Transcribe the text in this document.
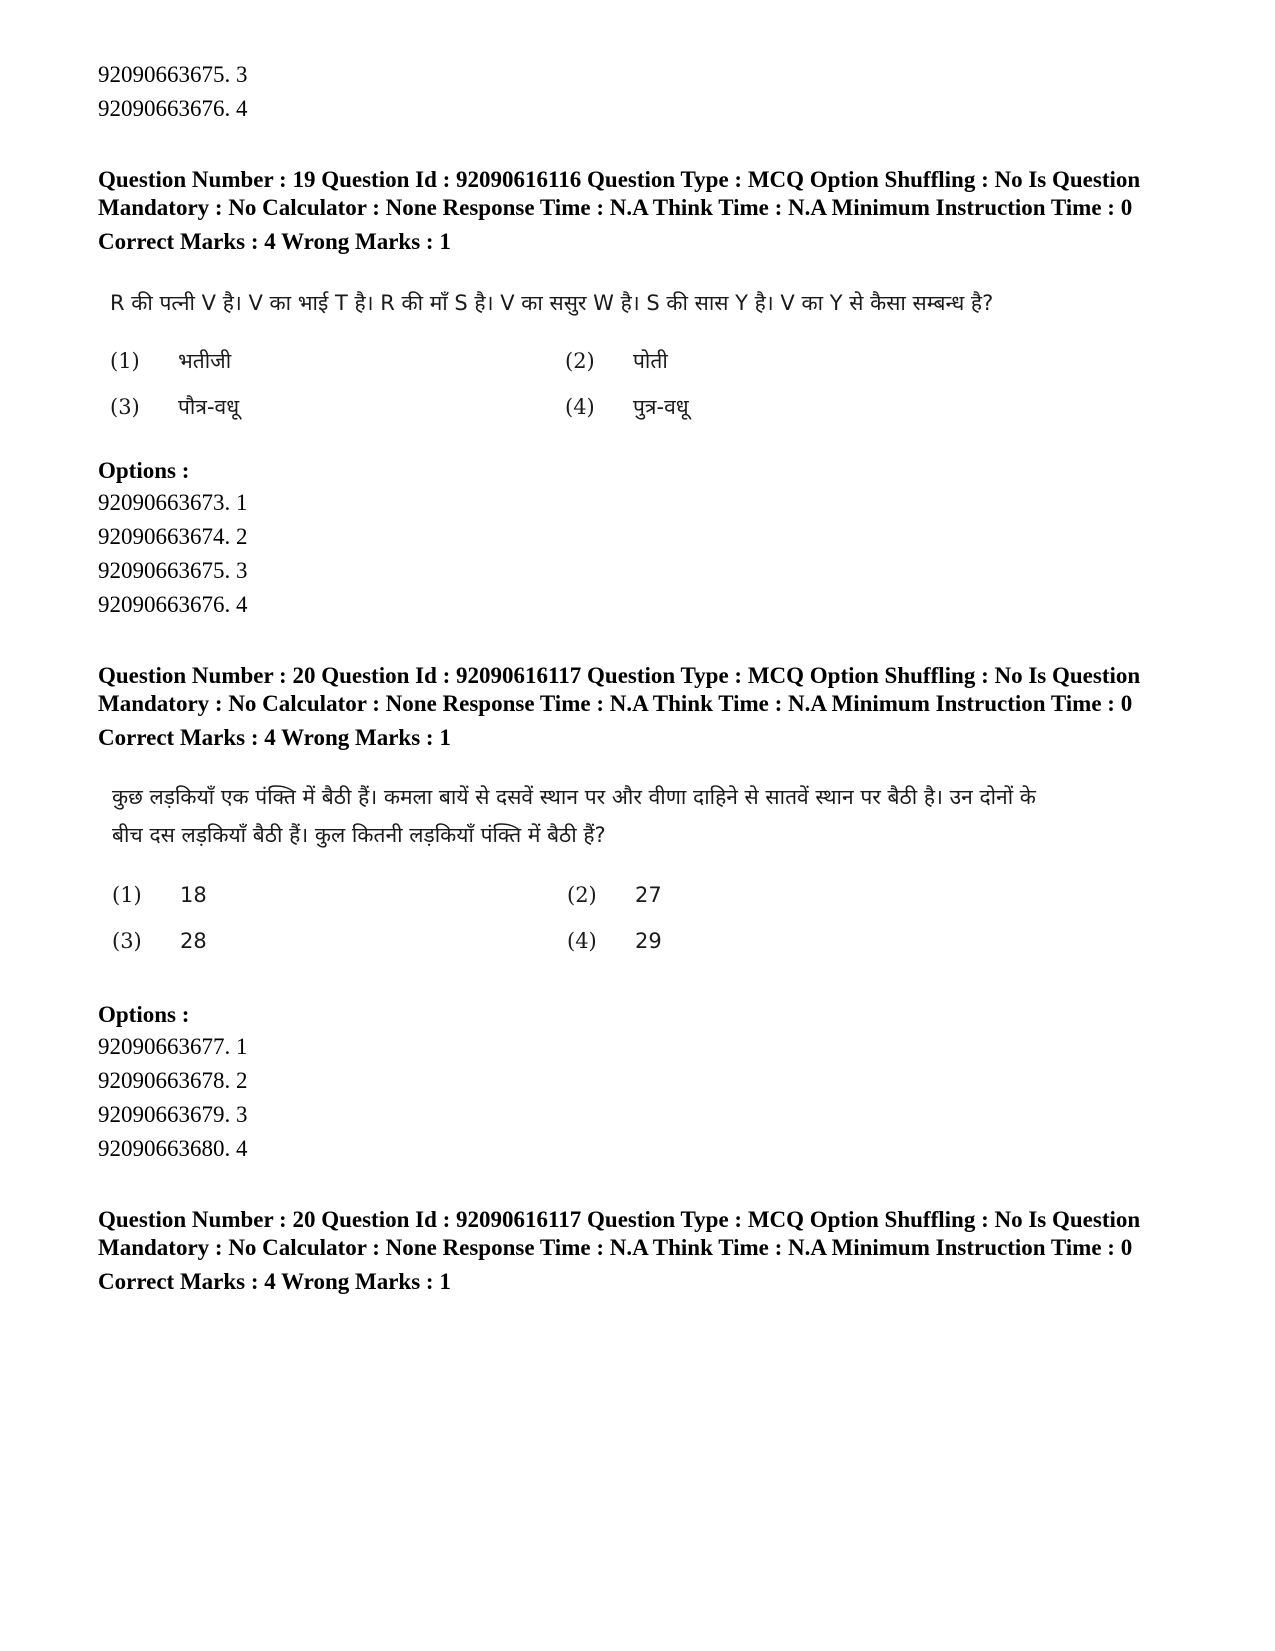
92090663675. 3

92090663676. 4

Question Number : 19 Question Id : 92090616116 Question Type : MCQ Option Shuffling : No Is Question Mandatory : No Calculator : None Response Time : N.A Think Time : N.A Minimum Instruction Time : 0

Correct Marks : 4 Wrong Marks : 1

R की पत्नी V है। V का भाई T है। R की माँ S है। V का ससुर W है। S की सास Y है। V का Y से कैसा सम्बन्ध है?

(1)	भतीजी	(2)	पोती
(3)	पौत्र-वधू	(4)	पुत्र-वधू

Options :

92090663673. 1

92090663674. 2

92090663675. 3

92090663676. 4

Question Number : 20 Question Id : 92090616117 Question Type : MCQ Option Shuffling : No Is Question Mandatory : No Calculator : None Response Time : N.A Think Time : N.A Minimum Instruction Time : 0

Correct Marks : 4 Wrong Marks : 1

कुछ लड़कियाँ एक पंक्ति में बैठी हैं। कमला बायें से दसवें स्थान पर और वीणा दाहिने से सातवें स्थान पर बैठी है। उन दोनों के बीच दस लड़कियाँ बैठी हैं। कुल कितनी लड़कियाँ पंक्ति में बैठी हैं?

(1)	18	(2)	27
(3)	28	(4)	29

Options :

92090663677. 1

92090663678. 2

92090663679. 3

92090663680. 4

Question Number : 20 Question Id : 92090616117 Question Type : MCQ Option Shuffling : No Is Question Mandatory : No Calculator : None Response Time : N.A Think Time : N.A Minimum Instruction Time : 0

Correct Marks : 4 Wrong Marks : 1
